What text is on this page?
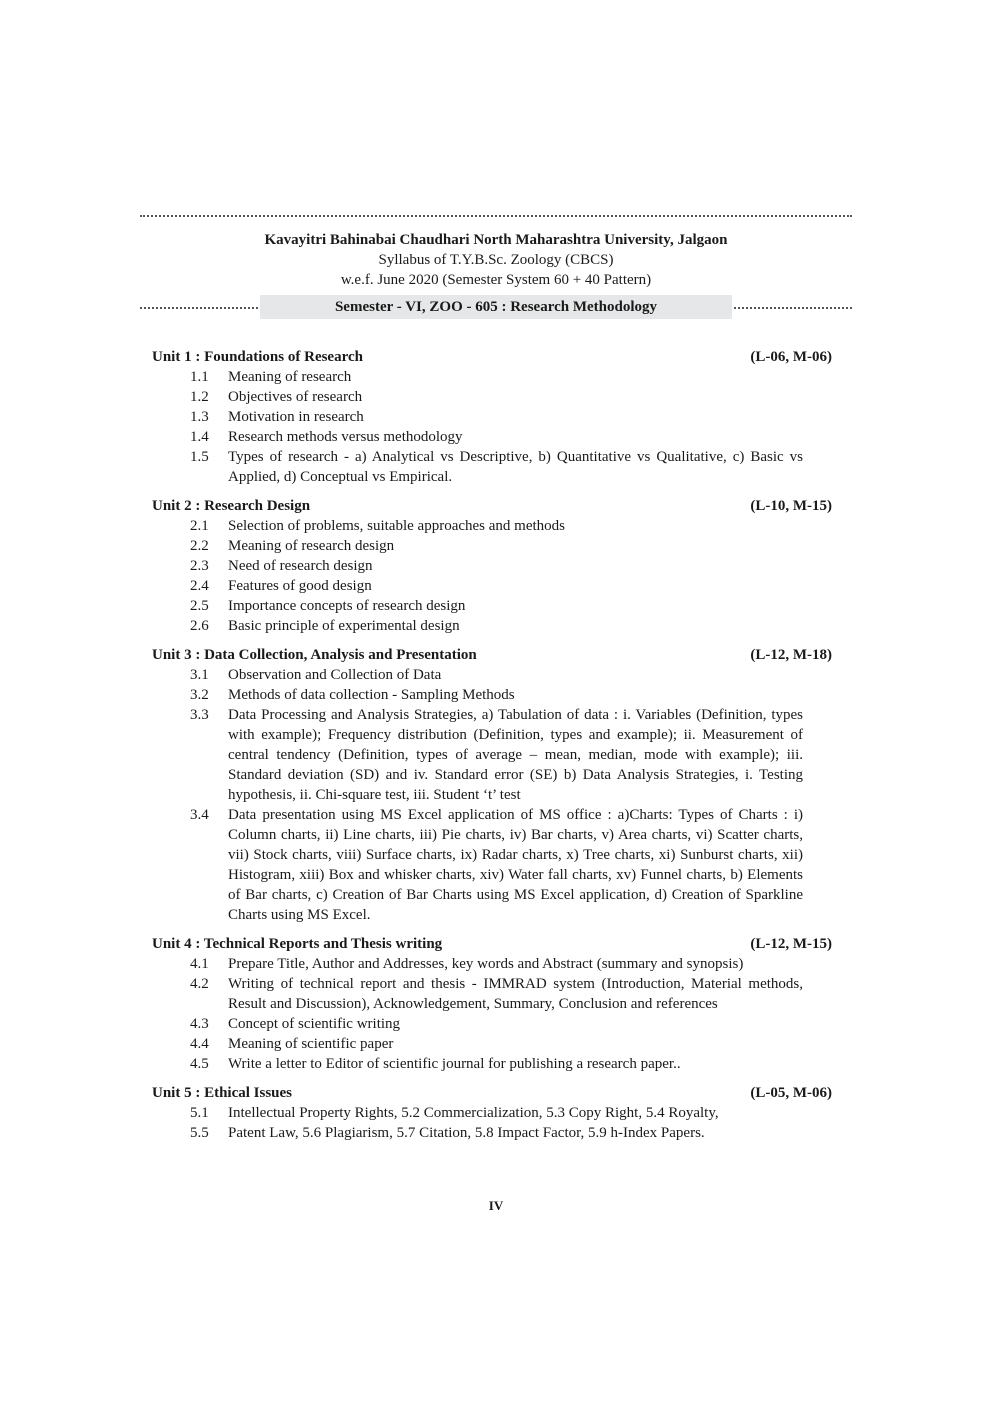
Kavayitri Bahinabai Chaudhari North Maharashtra University, Jalgaon
Syllabus of T.Y.B.Sc. Zoology (CBCS)
w.e.f. June 2020 (Semester System 60 + 40 Pattern)
Semester - VI, ZOO - 605 : Research Methodology
Unit 1 : Foundations of Research	(L-06, M-06)
1.1	Meaning of research
1.2	Objectives of research
1.3	Motivation in research
1.4	Research methods versus methodology
1.5	Types of research - a) Analytical vs Descriptive, b) Quantitative vs Qualitative, c) Basic vs Applied, d) Conceptual vs Empirical.
Unit 2 : Research Design	(L-10, M-15)
2.1	Selection of problems, suitable approaches and methods
2.2	Meaning of research design
2.3	Need of research design
2.4	Features of good design
2.5	Importance concepts of research design
2.6	Basic principle of experimental design
Unit 3 : Data Collection, Analysis and Presentation	(L-12, M-18)
3.1	Observation and Collection of Data
3.2	Methods of data collection - Sampling Methods
3.3	Data Processing and Analysis Strategies, a) Tabulation of data : i. Variables (Definition, types with example); Frequency distribution (Definition, types and example); ii. Measurement of central tendency (Definition, types of average – mean, median, mode with example); iii. Standard deviation (SD) and iv. Standard error (SE) b) Data Analysis Strategies, i. Testing hypothesis, ii. Chi-square test, iii. Student ‘t’ test
3.4	Data presentation using MS Excel application of MS office : a)Charts: Types of Charts : i) Column charts, ii) Line charts, iii) Pie charts, iv) Bar charts, v) Area charts, vi) Scatter charts, vii) Stock charts, viii) Surface charts, ix) Radar charts, x) Tree charts, xi) Sunburst charts, xii) Histogram, xiii) Box and whisker charts, xiv) Water fall charts, xv) Funnel charts, b) Elements of Bar charts, c) Creation of Bar Charts using MS Excel application, d) Creation of Sparkline Charts using MS Excel.
Unit 4 : Technical Reports and Thesis writing	(L-12, M-15)
4.1	Prepare Title, Author and Addresses, key words and Abstract (summary and synopsis)
4.2	Writing of technical report and thesis - IMMRAD system (Introduction, Material methods, Result and Discussion), Acknowledgement, Summary, Conclusion and references
4.3	Concept of scientific writing
4.4	Meaning of scientific paper
4.5	Write a letter to Editor of scientific journal for publishing a research paper..
Unit 5 : Ethical Issues	(L-05, M-06)
5.1	Intellectual Property Rights, 5.2 Commercialization, 5.3 Copy Right, 5.4 Royalty,
5.5	Patent Law, 5.6 Plagiarism, 5.7 Citation, 5.8 Impact Factor, 5.9 h-Index Papers.
IV
